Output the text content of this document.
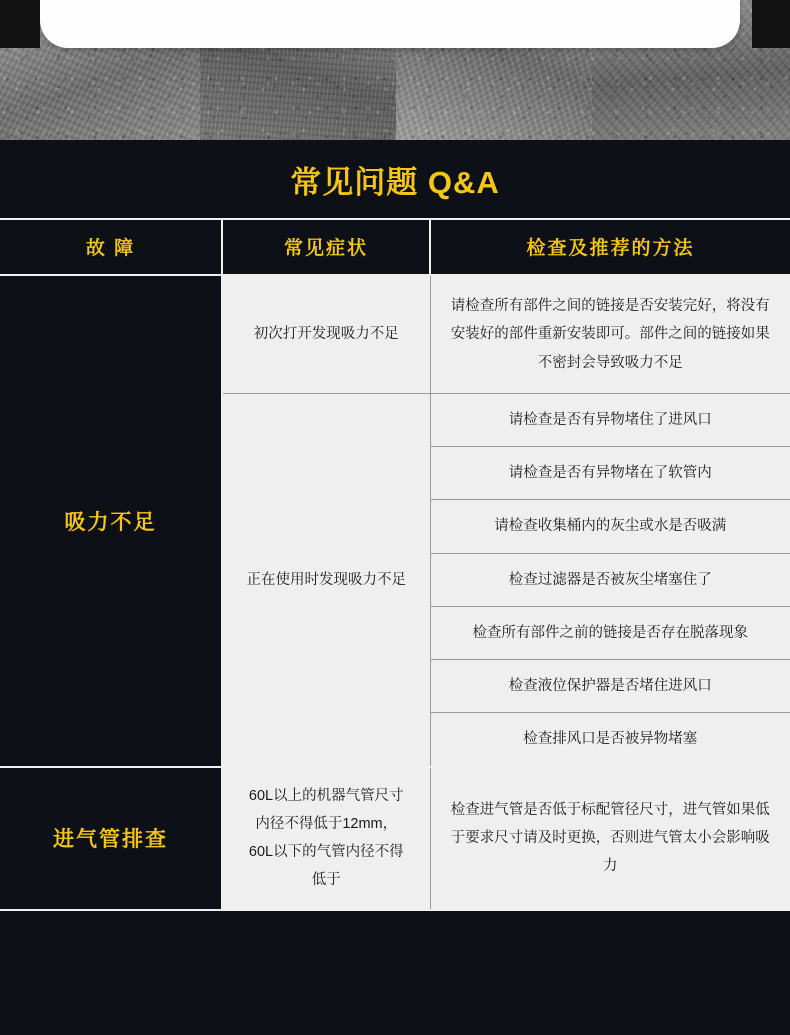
常见问题 Q&A
故 障	常见症状	检查及推荐的方法
吸力不足	初次打开发现吸力不足	请检查所有部件之间的链接是否安装完好，将没有安装好的部件重新安装即可。部件之间的链接如果不密封会导致吸力不足

	正在使用时发现吸力不足	请检查是否有异物堵住了进风口

		请检查是否有异物堵在了软管内

		请检查收集桶内的灰尘或水是否吸满

		检查过滤器是否被灰尘堵塞住了

		检查所有部件之前的链接是否存在脱落现象

		检查液位保护器是否堵住进风口

		检查排风口是否被异物堵塞

进气管排查	60L以上的机器气管尺寸内径不得低于12mm，60L以下的气管内径不得低于	检查进气管是否低于标配管径尺寸，进气管如果低于要求尺寸请及时更换，否则进气管太小会影响吸力
